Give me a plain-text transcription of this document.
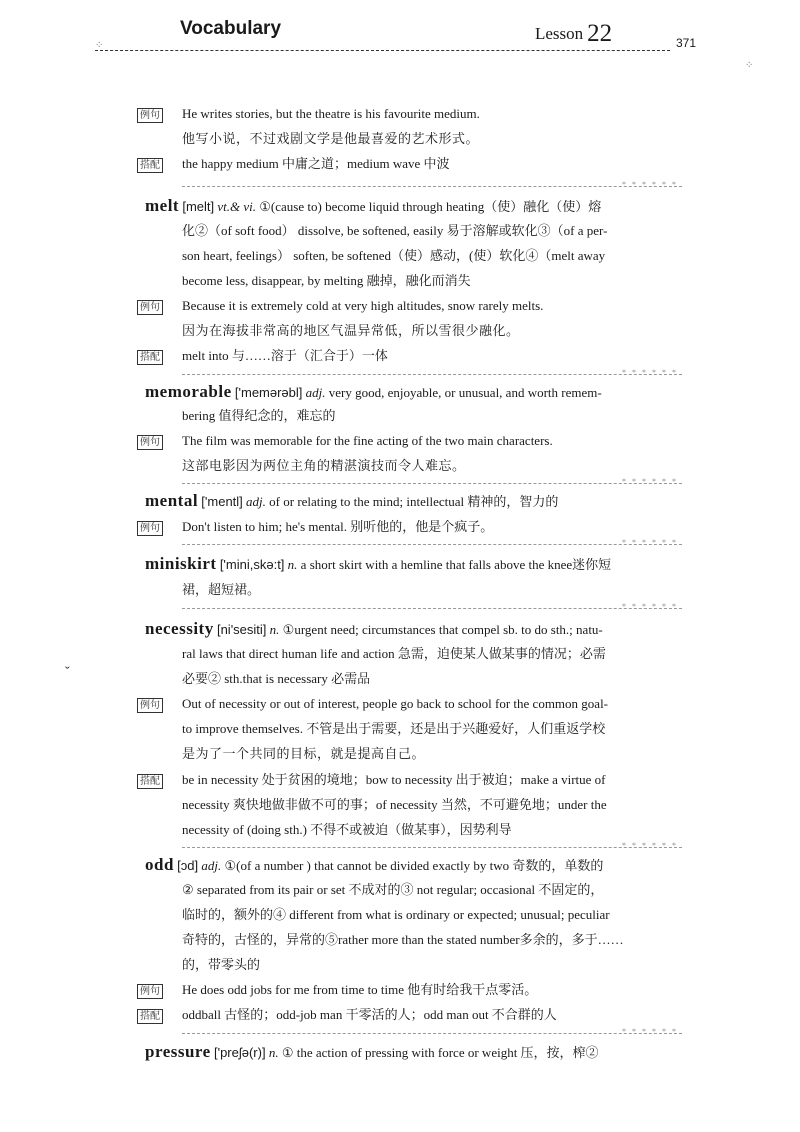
Vocabulary	Lesson 22	371
⁘
⁘
例句 He writes stories, but the theatre is his favourite medium.
他写小说，不过戏剧文学是他最喜爱的艺术形式。
搭配 the happy medium 中庸之道；medium wave 中波
* * * * * *
melt [melt] vt.& vi. ①(cause to) become liquid through heating（使）融化（使）熔
化②（of soft food） dissolve, be softened, easily 易于溶解或软化③（of a per-
son heart, feelings） soften, be softened（使）感动，(使）软化④（melt away
become less, disappear, by melting 融掉，融化而消失
例句 Because it is extremely cold at very high altitudes, snow rarely melts.
因为在海拔非常高的地区气温异常低，所以雪很少融化。
搭配 melt into 与……溶于（汇合于）一体
* * * * * *
memorable ['memərəbl] adj. very good, enjoyable, or unusual, and worth remem-
bering 值得纪念的，难忘的
例句 The film was memorable for the fine acting of the two main characters.
这部电影因为两位主角的精湛演技而令人难忘。
* * * * * *
mental ['mentl] adj. of or relating to the mind; intellectual 精神的，智力的
例句 Don't listen to him; he's mental. 别听他的，他是个疯子。
* * * * * *
miniskirt ['mini,skə:t] n. a short skirt with a hemline that falls above the knee迷你短
裙，超短裙。
* * * * * *
necessity [ni'sesiti] n. ①urgent need; circumstances that compel sb. to do sth.; natu-
ral laws that direct human life and action 急需，迫使某人做某事的情况；必需
必要② sth.that is necessary 必需品
ˇ
例句 Out of necessity or out of interest, people go back to school for the common goal-
to improve themselves. 不管是出于需要，还是出于兴趣爱好，人们重返学校
是为了一个共同的目标，就是提高自己。
搭配 be in necessity 处于贫困的境地；bow to necessity 出于被迫；make a virtue of
necessity 爽快地做非做不可的事；of necessity 当然，不可避免地；under the
necessity of (doing sth.) 不得不或被迫（做某事），因势利导
* * * * * *
odd [ɔd] adj. ①(of a number ) that cannot be divided exactly by two 奇数的，单数的
② separated from its pair or set 不成对的③ not regular; occasional 不固定的，
临时的，额外的④ different from what is ordinary or expected; unusual; peculiar
奇特的，古怪的，异常的⑤rather more than the stated number多余的，多于……
的，带零头的
例句 He does odd jobs for me from time to time 他有时给我干点零活。
搭配 oddball 古怪的；odd-job man 干零活的人；odd man out 不合群的人
* * * * * *
pressure ['preʃə(r)] n. ① the action of pressing with force or weight 压，按，榨②
